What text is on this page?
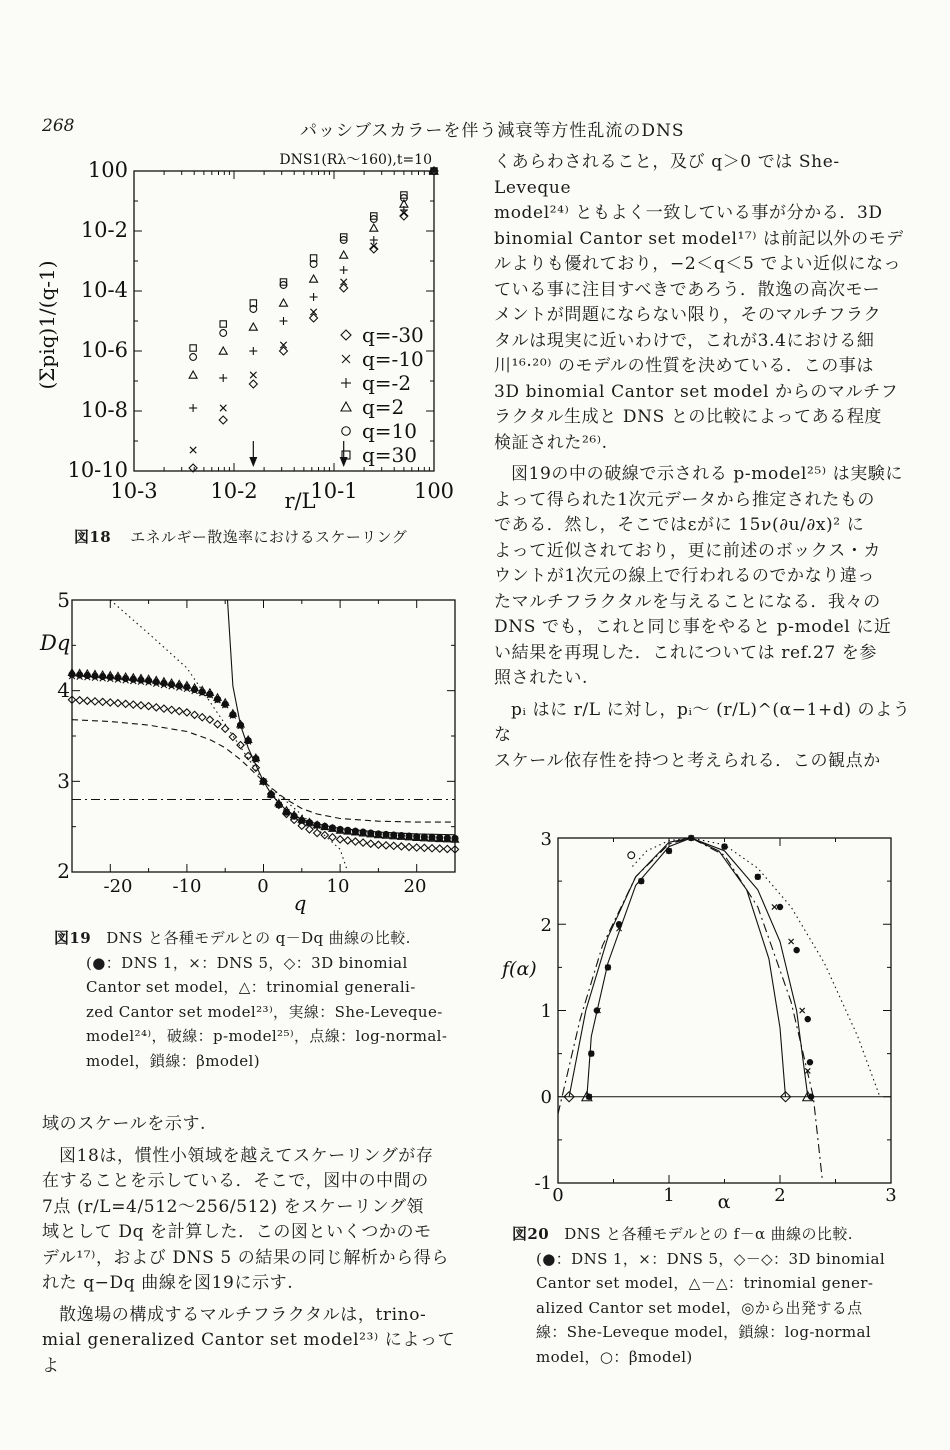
268	パッシブスカラーを伴う減衰等方性乱流のDNS
100
10-2
10-4
10-6
10-8
10-10
10-3	10-2	10-1	100
r/L
(Σpiq)1/(q-1)
DNS1(Rλ〜160),t=10
q=-30
q=-10
q=-2
q=2
q=10
q=30
図18 エネルギー散逸率におけるスケーリング
5
4
3
2
-20 -10	0	10	20
q
Dq
図19 DNS と各種モデルとの q－Dq 曲線の比較.
(●：DNS 1，×：DNS 5，◇：3D binomial
Cantor set model，△：trinomial generali-
zed Cantor set model²³⁾，実線：She-Leveque-
model²⁴⁾，破線：p-model²⁵⁾，点線：log-normal-
model，鎖線：βmodel)
3
2
1
0
-1
0	1	2	3
α
f(α)
図20 DNS と各種モデルとの f－α 曲線の比較.
(●：DNS 1，×：DNS 5，◇－◇：3D binomial
Cantor set model，△－△：trinomial gener-
alized Cantor set model，◎から出発する点
線：She-Leveque model，鎖線：log-normal
model，○：βmodel)

くあらわされること，及び q＞0 では She-Leveque

model²⁴⁾ ともよく一致している事が分かる．3D

binomial Cantor set model¹⁷⁾ は前記以外のモデ

ルよりも優れており，−2＜q＜5 でよい近似になっ

ている事に注目すべきであろう．散逸の高次モー

メントが問題にならない限り，そのマルチフラク

タルは現実に近いわけで，これが3.4における細

川¹⁶·²⁰⁾ のモデルの性質を決めている．この事は

3D binomial Cantor set model からのマルチフ

ラクタル生成と DNS との比較によってある程度

検証された²⁶⁾.

図19の中の破線で示される p-model²⁵⁾ は実験に

よって得られた1次元データから推定されたもの

である．然し，そこではεがに 15ν(∂u/∂x)² に

よって近似されており，更に前述のボックス・カ

ウントが1次元の線上で行われるのでかなり違っ

たマルチフラクタルを与えることになる．我々の

DNS でも，これと同じ事をやると p-model に近

い結果を再現した．これについては ref.27 を参

照されたい.

pᵢ はに r/L に対し，pᵢ〜 (r/L)^(α−1+d) のような

スケール依存性を持つと考えられる．この観点か

域のスケールを示す.

図18は，慣性小領域を越えてスケーリングが存

在することを示している．そこで，図中の中間の

7点 (r/L=4/512〜256/512) をスケーリング領

域として Dq を計算した．この図といくつかのモ

デル¹⁷⁾，および DNS 5 の結果の同じ解析から得ら

れた q−Dq 曲線を図19に示す.

散逸場の構成するマルチフラクタルは，trino-

mial generalized Cantor set model²³⁾ によってよ
